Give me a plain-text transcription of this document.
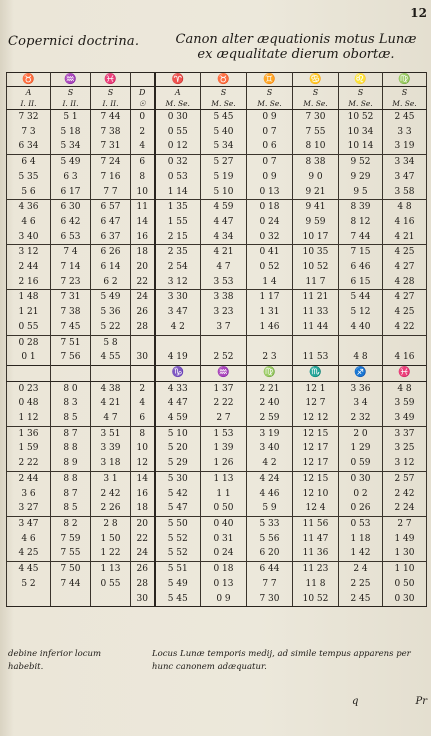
12
Copernici doctrina.	Canon alter æquationis motus Lunæ
ex æqualitate dierum obortæ.
♉	♒	♓		♈	♉	♊	♋	♌	♍
A	S	S	D	A	S	S	S	S	S
I. II.	I. II.	I. II.	☉	M. Se.	M. Se.	M. Se.	M. Se.	M. Se.	M. Se.
7 32	5 1	7 44	0	0 30	5 45	0 9	7 30	10 52	2 45
7 3	5 18	7 38	2	0 55	5 40	0 7	7 55	10 34	3 3
6 34	5 34	7 31	4	0 12	5 34	0 6	8 10	10 14	3 19
6 4	5 49	7 24	6	0 32	5 27	0 7	8 38	9 52	3 34
5 35	6 3	7 16	8	0 53	5 19	0 9	9 0	9 29	3 47
5 6	6 17	7 7	10	1 14	5 10	0 13	9 21	9 5	3 58
4 36	6 30	6 57	11	1 35	4 59	0 18	9 41	8 39	4 8
4 6	6 42	6 47	14	1 55	4 47	0 24	9 59	8 12	4 16
3 40	6 53	6 37	16	2 15	4 34	0 32	10 17	7 44	4 21
3 12	7 4	6 26	18	2 35	4 21	0 41	10 35	7 15	4 25
2 44	7 14	6 14	20	2 54	4 7	0 52	10 52	6 46	4 27
2 16	7 23	6 2	22	3 12	3 53	1 4	11 7	6 15	4 28
1 48	7 31	5 49	24	3 30	3 38	1 17	11 21	5 44	4 27
1 21	7 38	5 36	26	3 47	3 23	1 31	11 33	5 12	4 25
0 55	7 45	5 22	28	4 2	3 7	1 46	11 44	4 40	4 22
0 28	7 51	5 8							
0 1	7 56	4 55	30	4 19	2 52	2 3	11 53	4 8	4 16
				♑	♒	♍	♏	♐	♓
0 23	8 0	4 38	2	4 33	1 37	2 21	12 1	3 36	4 8
0 48	8 3	4 21	4	4 47	2 22	2 40	12 7	3 4	3 59
1 12	8 5	4 7	6	4 59	2 7	2 59	12 12	2 32	3 49
1 36	8 7	3 51	8	5 10	1 53	3 19	12 15	2 0	3 37
1 59	8 8	3 39	10	5 20	1 39	3 40	12 17	1 29	3 25
2 22	8 9	3 18	12	5 29	1 26	4 2	12 17	0 59	3 12
2 44	8 8	3 1	14	5 30	1 13	4 24	12 15	0 30	2 57
3 6	8 7	2 42	16	5 42	1 1	4 46	12 10	0 2	2 42
3 27	8 5	2 26	18	5 47	0 50	5 9	12 4	0 26	2 24
3 47	8 2	2 8	20	5 50	0 40	5 33	11 56	0 53	2 7
4 6	7 59	1 50	22	5 52	0 31	5 56	11 47	1 18	1 49
4 25	7 55	1 22	24	5 52	0 24	6 20	11 36	1 42	1 30
4 45	7 50	1 13	26	5 51	0 18	6 44	11 23	2 4	1 10
5 2	7 44	0 55	28	5 49	0 13	7 7	11 8	2 25	0 50
			30	5 45	0 9	7 30	10 52	2 45	0 30
debine inferior locum habebit.
Locus Lunæ temporis medij, ad simile tempus apparens per hunc canonem adæquatur.
q	Pr
